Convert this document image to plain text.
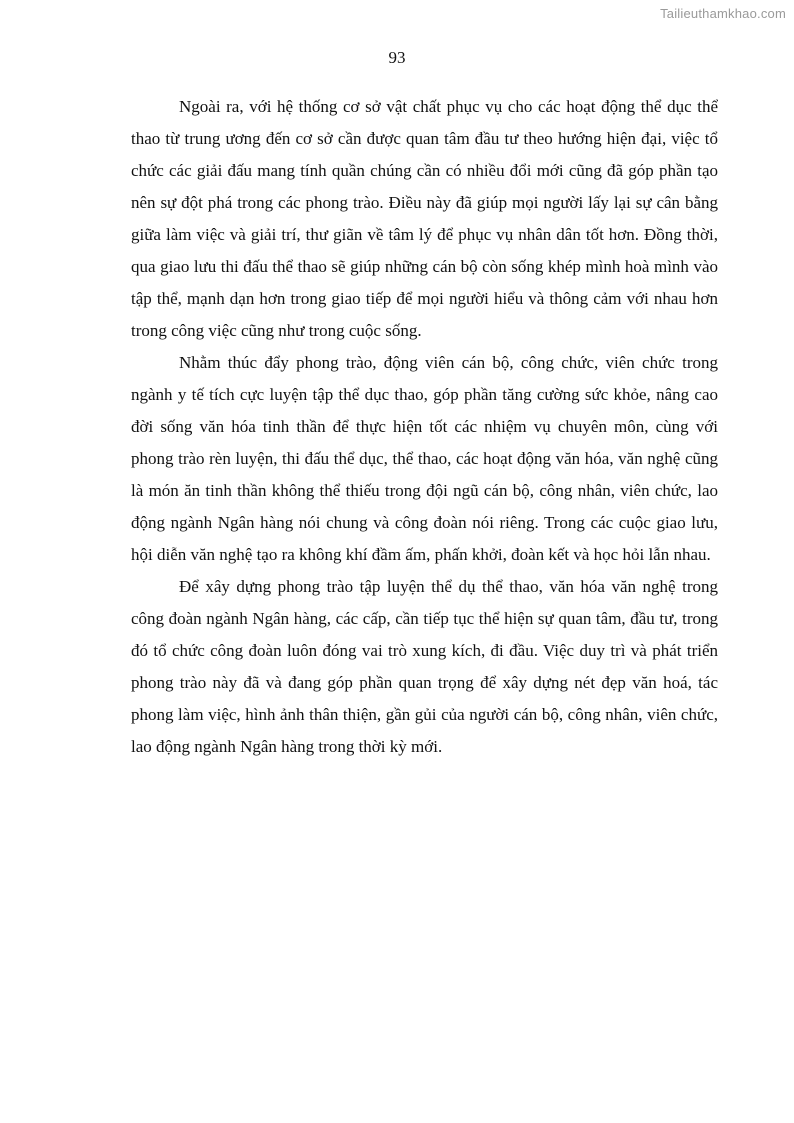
Tailieuthamkhao.com
93

Ngoài ra, với hệ thống cơ sở vật chất phục vụ cho các hoạt động thể dục thể thao từ trung ương đến cơ sở cần được quan tâm đầu tư theo hướng hiện đại, việc tổ chức các giải đấu mang tính quần chúng cần có nhiều đổi mới cũng đã góp phần tạo nên sự đột phá trong các phong trào. Điều này đã giúp mọi người lấy lại sự cân bằng giữa làm việc và giải trí, thư giãn về tâm lý để phục vụ nhân dân tốt hơn. Đồng thời, qua giao lưu thi đấu thể thao sẽ giúp những cán bộ còn sống khép mình hoà mình vào tập thể, mạnh dạn hơn trong giao tiếp để mọi người hiểu và thông cảm với nhau hơn trong công việc cũng như trong cuộc sống.

Nhằm thúc đẩy phong trào, động viên cán bộ, công chức, viên chức trong ngành y tế tích cực luyện tập thể dục thao, góp phần tăng cường sức khỏe, nâng cao đời sống văn hóa tinh thần để thực hiện tốt các nhiệm vụ chuyên môn, cùng với phong trào rèn luyện, thi đấu thể dục, thể thao, các hoạt động văn hóa, văn nghệ cũng là món ăn tinh thần không thể thiếu trong đội ngũ cán bộ, công nhân, viên chức, lao động ngành Ngân hàng nói chung và công đoàn nói riêng. Trong các cuộc giao lưu, hội diễn văn nghệ tạo ra không khí đầm ấm, phấn khởi, đoàn kết và học hỏi lẫn nhau.

Để xây dựng phong trào tập luyện thể dụ thể thao, văn hóa văn nghệ trong công đoàn ngành Ngân hàng, các cấp, cần tiếp tục thể hiện sự quan tâm, đầu tư, trong đó tổ chức công đoàn luôn đóng vai trò xung kích, đi đầu. Việc duy trì và phát triển phong trào này đã và đang góp phần quan trọng để xây dựng nét đẹp văn hoá, tác phong làm việc, hình ảnh thân thiện, gần gủi của người cán bộ, công nhân, viên chức, lao động ngành Ngân hàng trong thời kỳ mới.
